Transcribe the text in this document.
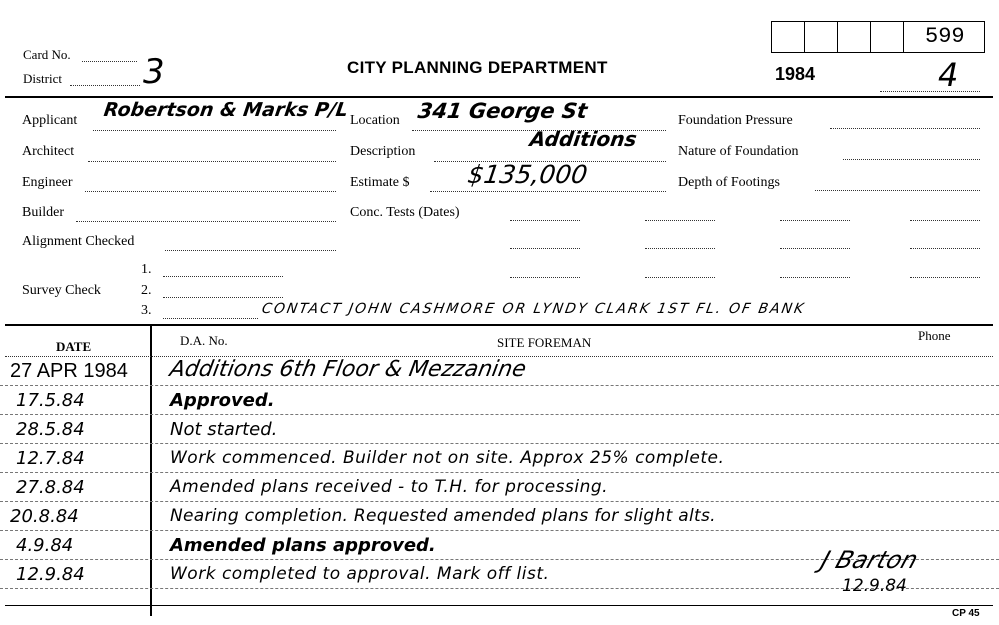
599
Card No.
District 3	CITY PLANNING DEPARTMENT	1984	4
Applicant Robertson & Marks P/L
Architect
Engineer
Builder
Alignment Checked
Location 341 George St
Description
Additions
Estimate $ $135,000
Conc. Tests (Dates)
Foundation Pressure
Nature of Foundation
Depth of Footings
1.
Survey Check	2.
3.	CONTACT JOHN CASHMORE OR LYNDY CLARK 1ST FL. OF BANK
DATE	D.A. No.	SITE FOREMAN	Phone
27 APR 1984 Additions 6th Floor & Mezzanine
17.5.84	Approved.
28.5.84	Not started.
12.7.84	Work commenced. Builder not on site. Approx 25% complete.
27.8.84	Amended plans received - to T.H. for processing.
20.8.84	Nearing completion. Requested amended plans for slight alts.
4.9.84	Amended plans approved.
12.9.84	Work completed to approval. Mark off list.	J Barton
12.9.84
CP 45
